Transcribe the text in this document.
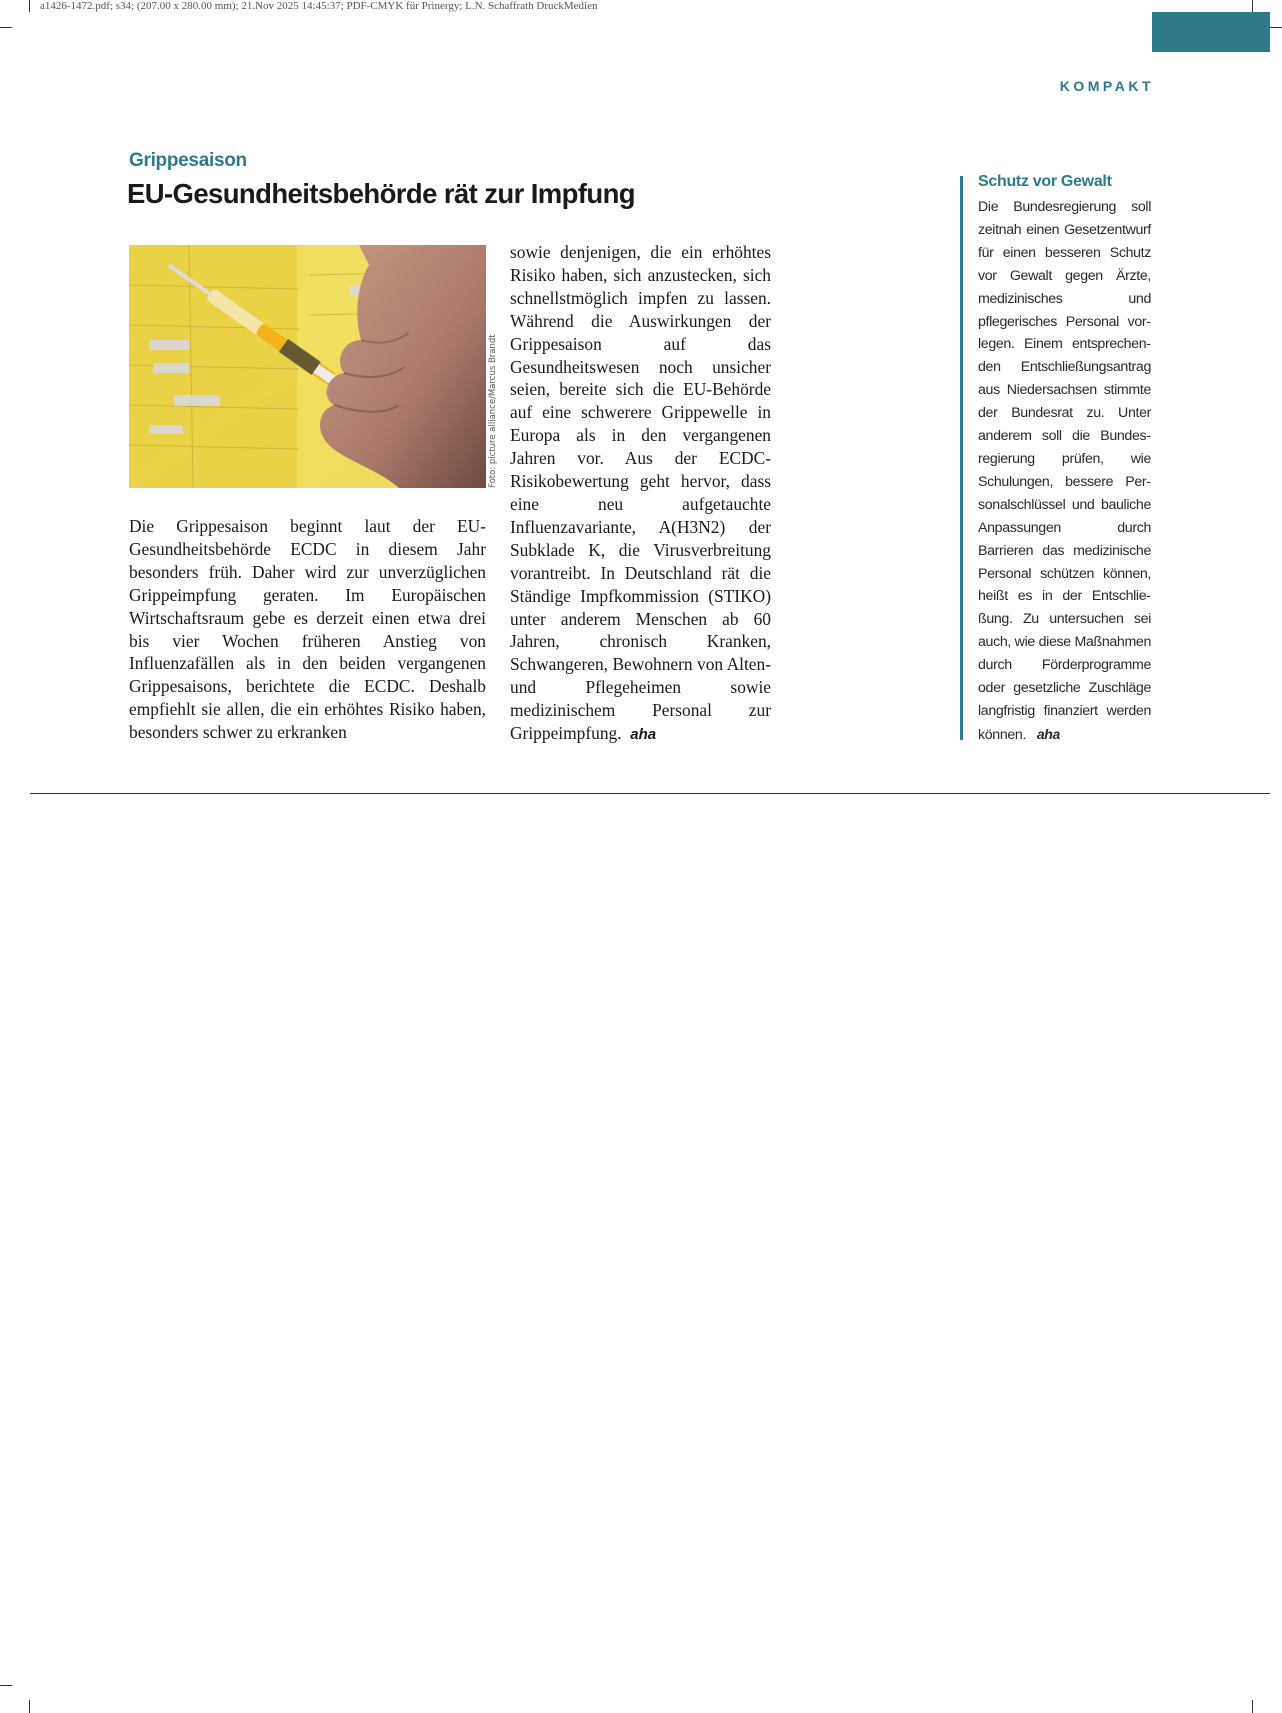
a1426-1472.pdf; s34; (207.00 x 280.00 mm); 21.Nov 2025 14:45:37; PDF-CMYK für Prinergy; L.N. Schaffrath DruckMedien
KOMPAKT
Grippesaison
EU-Gesundheitsbehörde rät zur Impfung
Foto: picture alliance/Marcus Brandt
Die Grippesaison beginnt laut der EU-Gesundheitsbehörde ECDC in diesem Jahr besonders früh. Daher wird zur unverzüglichen Grippeimpfung geraten. Im Europäischen Wirtschaftsraum gebe es derzeit einen etwa drei bis vier Wochen früheren Anstieg von Influenzafällen als in den beiden vergangenen Grippesaisons, berichtete die ECDC. Deshalb empfiehlt sie allen, die ein erhöhtes Risiko haben, besonders schwer zu erkranken
sowie denjenigen, die ein erhöhtes Risiko haben, sich anzustecken, sich schnellstmöglich impfen zu lassen. Während die Auswirkungen der Grippesaison auf das Gesundheitswesen noch unsicher seien, bereite sich die EU-Behörde auf eine schwerere Grippewelle in Europa als in den vergangenen Jahren vor. Aus der ECDC-Risikobewertung geht hervor, dass eine neu aufgetauchte Influenzavariante, A(H3N2) der Subklade K, die Virusverbreitung vorantreibt. In Deutschland rät die Ständige Impfkommission (STIKO) unter anderem Menschen ab 60 Jahren, chronisch Kranken, Schwangeren, Bewohnern von Alten- und Pflegeheimen sowie medizinischem Personal zur Grippeimpfung. aha
Schutz vor Gewalt
Die Bundesregierung soll zeitnah einen Gesetzentwurf für einen besseren Schutz vor Gewalt gegen Ärzte, medizinisches und pflegerisches Personal vorlegen. Einem entsprechenden Entschließungsantrag aus Niedersachsen stimmte der Bundesrat zu. Unter anderem soll die Bundesregierung prüfen, wie Schulungen, bessere Personalschlüssel und bauliche Anpassungen durch Barrieren das medizinische Personal schützen können, heißt es in der Entschließung. Zu untersuchen sei auch, wie diese Maßnahmen durch Förderprogramme oder gesetzliche Zuschläge langfristig finanziert werden können. aha
